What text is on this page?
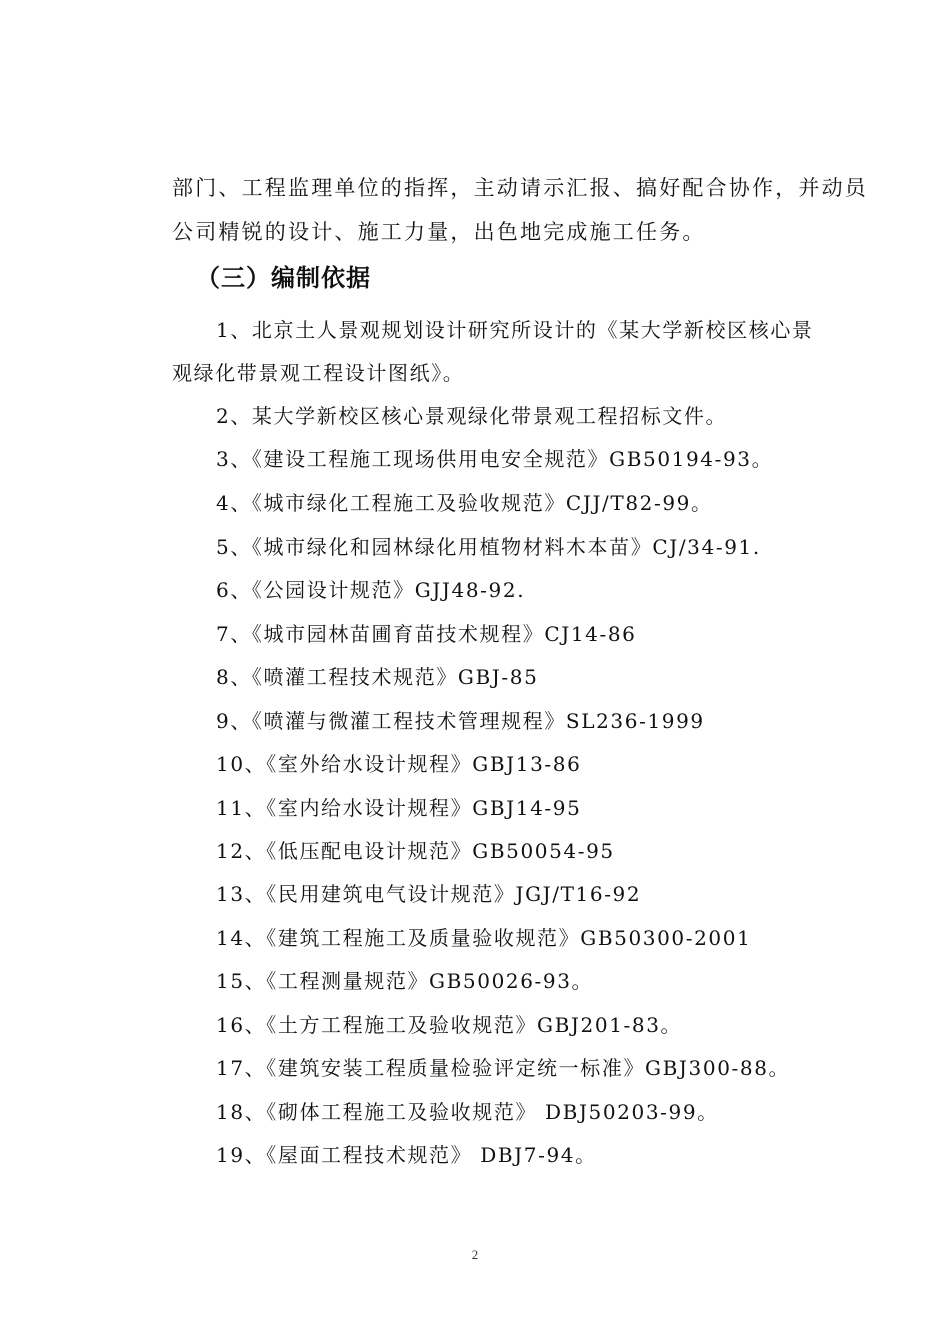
部门、工程监理单位的指挥，主动请示汇报、搞好配合协作，并动员
公司精锐的设计、施工力量，出色地完成施工任务。
（三）编制依据
1、北京土人景观规划设计研究所设计的《某大学新校区核心景
观绿化带景观工程设计图纸》。
2、某大学新校区核心景观绿化带景观工程招标文件。
3、《建设工程施工现场供用电安全规范》GB50194-93。
4、《城市绿化工程施工及验收规范》CJJ/T82-99。
5、《城市绿化和园林绿化用植物材料木本苗》CJ/34-91.
6、《公园设计规范》GJJ48-92.
7、《城市园林苗圃育苗技术规程》CJ14-86
8、《喷灌工程技术规范》GBJ-85
9、《喷灌与微灌工程技术管理规程》SL236-1999
10、《室外给水设计规程》GBJ13-86
11、《室内给水设计规程》GBJ14-95
12、《低压配电设计规范》GB50054-95
13、《民用建筑电气设计规范》JGJ/T16-92
14、《建筑工程施工及质量验收规范》GB50300-2001
15、《工程测量规范》GB50026-93。
16、《土方工程施工及验收规范》GBJ201-83。
17、《建筑安装工程质量检验评定统一标准》GBJ300-88。
18、《砌体工程施工及验收规范》 DBJ50203-99。
19、《屋面工程技术规范》 DBJ7-94。
2
